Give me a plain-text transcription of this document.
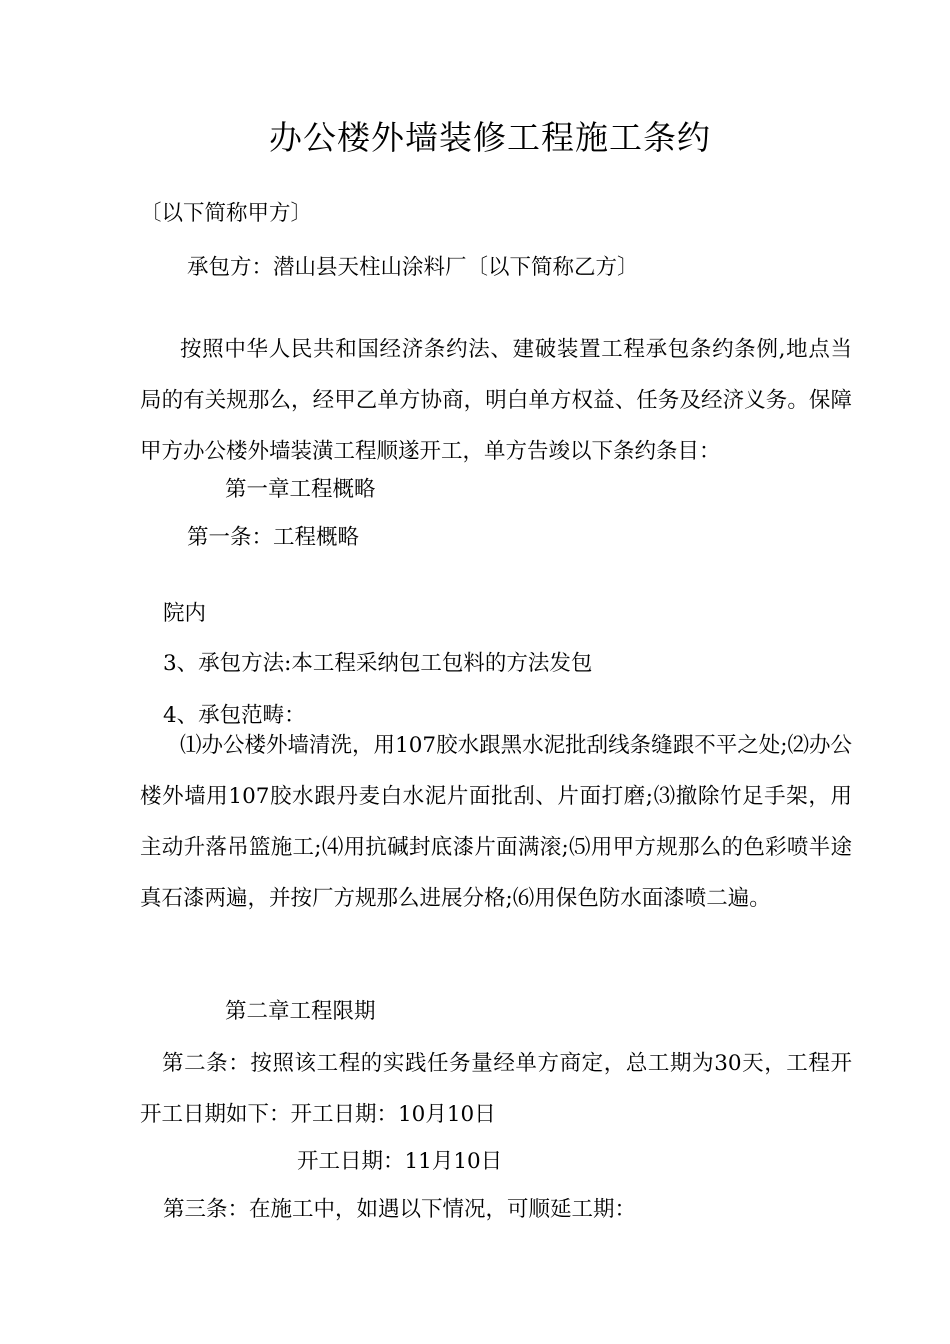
办公楼外墙装修工程施工条约
〔以下简称甲方〕
承包方：潜山县天柱山涂料厂〔以下简称乙方〕
按照中华人民共和国经济条约法、建破装置工程承包条约条例,地点当局的有关规那么，经甲乙单方协商，明白单方权益、任务及经济义务。保障甲方办公楼外墙装潢工程顺遂开工，单方告竣以下条约条目：
第一章工程概略
第一条：工程概略
院内
3、承包方法:本工程采纳包工包料的方法发包
4、承包范畴：
⑴办公楼外墙清洗，用107胶水跟黑水泥批刮线条缝跟不平之处;⑵办公楼外墙用107胶水跟丹麦白水泥片面批刮、片面打磨;⑶撤除竹足手架，用主动升落吊篮施工;⑷用抗碱封底漆片面满滚;⑸用甲方规那么的色彩喷半途真石漆两遍，并按厂方规那么进展分格;⑹用保色防水面漆喷二遍。
第二章工程限期
第二条：按照该工程的实践任务量经单方商定，总工期为30天，工程开开工日期如下：开工日期：10月10日
开工日期：11月10日
第三条：在施工中，如遇以下情况，可顺延工期：
